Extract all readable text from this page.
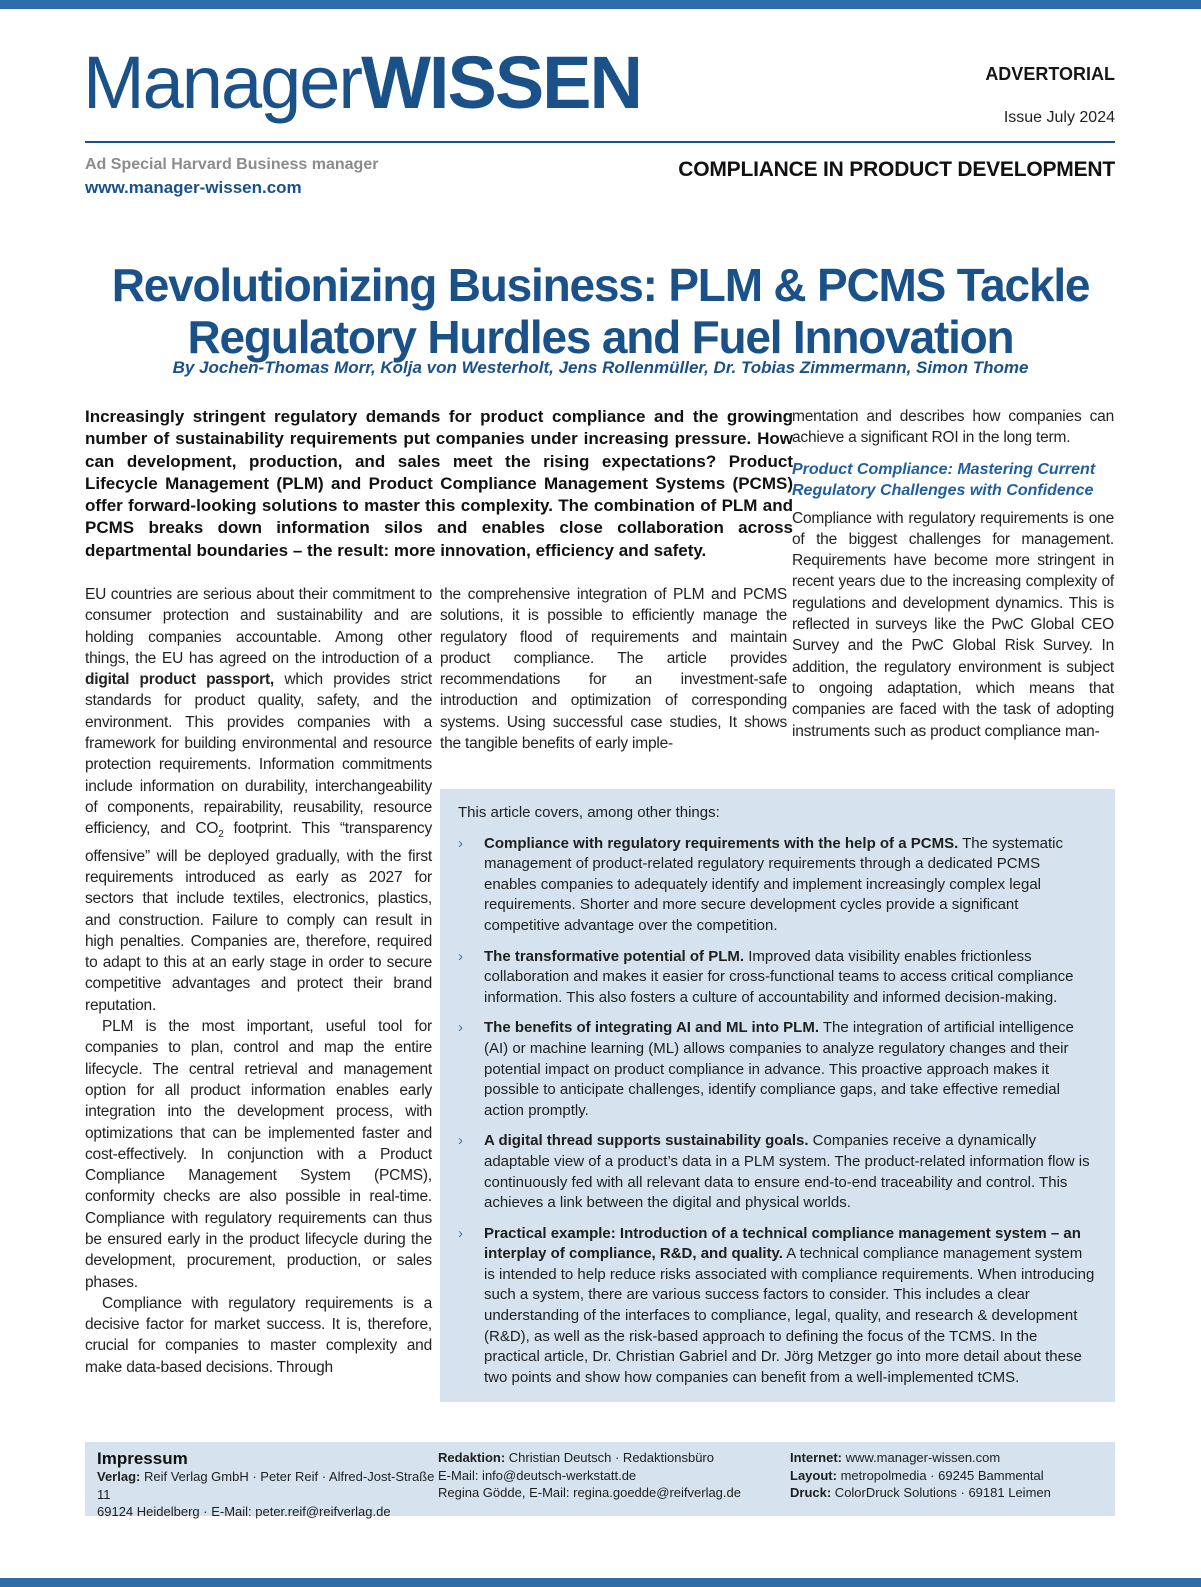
ManagerWISSEN	ADVERTORIAL
Issue July 2024
Ad Special Harvard Business manager
www.manager-wissen.com
COMPLIANCE IN PRODUCT DEVELOPMENT
Revolutionizing Business: PLM & PCMS Tackle
Regulatory Hurdles and Fuel Innovation
By Jochen-Thomas Morr, Kolja von Westerholt, Jens Rollenmüller, Dr. Tobias Zimmermann, Simon Thome

Increasingly stringent regulatory demands for product compliance and the growing number of sustainability requirements put companies under increasing pressure. How can development, production, and sales meet the rising expectations? Product Lifecycle Management (PLM) and Product Compliance Management Systems (PCMS) offer forward-looking solutions to master this complexity. The combination of PLM and PCMS breaks down information silos and enables close collaboration across departmental boundaries – the result: more innovation, efficiency and safety.

EU countries are serious about their commitment to consumer protection and sustainability and are holding companies accountable. Among other things, the EU has agreed on the introduction of a digital product passport, which provides strict standards for product quality, safety, and the environment. This provides companies with a framework for building environmental and resource protection requirements. Information commitments include information on durability, interchangeability of components, repairability, reusability, resource efficiency, and $CO_2$ footprint. This “transparency offensive” will be deployed gradually, with the first requirements introduced as early as 2027 for sectors that include textiles, electronics, plastics, and construction. Failure to comply can result in high penalties. Companies are, therefore, required to adapt to this at an early stage in order to secure competitive advantages and protect their brand reputation.

PLM is the most important, useful tool for companies to plan, control and map the entire lifecycle. The central retrieval and management option for all product information enables early integration into the development process, with optimizations that can be implemented faster and cost-effectively. In conjunction with a Product Compliance Management System (PCMS), conformity checks are also possible in real-time. Compliance with regulatory requirements can thus be ensured early in the product lifecycle during the development, procurement, production, or sales phases.

Compliance with regulatory requirements is a decisive factor for market success. It is, therefore, crucial for companies to master complexity and make data-based decisions. Through

the comprehensive integration of PLM and PCMS solutions, it is possible to efficiently manage the regulatory flood of requirements and maintain product compliance. The article provides recommendations for an investment-safe introduction and optimization of corresponding systems. Using successful case studies, It shows the tangible benefits of early imple-

mentation and describes how companies can achieve a significant ROI in the long term.

Product Compliance: Mastering Current Regulatory Challenges with Confidence

Compliance with regulatory requirements is one of the biggest challenges for management. Requirements have become more stringent in recent years due to the increasing complexity of regulations and development dynamics. This is reflected in surveys like the PwC Global CEO Survey and the PwC Global Risk Survey. In addition, the regulatory environment is subject to ongoing adaptation, which means that companies are faced with the task of adopting instruments such as product compliance man-

This article covers, among other things:

›	Compliance with regulatory requirements with the help of a PCMS. The systematic management of product-related regulatory requirements through a dedicated PCMS enables companies to adequately identify and implement increasingly complex legal requirements. Shorter and more secure development cycles provide a significant competitive advantage over the competition.
›	The transformative potential of PLM. Improved data visibility enables frictionless collaboration and makes it easier for cross-functional teams to access critical compliance information. This also fosters a culture of accountability and informed decision-making.
›	The benefits of integrating AI and ML into PLM. The integration of artificial intelligence (AI) or machine learning (ML) allows companies to analyze regulatory changes and their potential impact on product compliance in advance. This proactive approach makes it possible to anticipate challenges, identify compliance gaps, and take effective remedial action promptly.
›	A digital thread supports sustainability goals. Companies receive a dynamically adaptable view of a product’s data in a PLM system. The product-related information flow is continuously fed with all relevant data to ensure end-to-end traceability and control. This achieves a link between the digital and physical worlds.
›	Practical example: Introduction of a technical compliance management system – an interplay of compliance, R&D, and quality. A technical compliance management system is intended to help reduce risks associated with compliance requirements. When introducing such a system, there are various success factors to consider. This includes a clear understanding of the interfaces to compliance, legal, quality, and research & development (R&D), as well as the risk-based approach to defining the focus of the TCMS. In the practical article, Dr. Christian Gabriel and Dr. Jörg Metzger go into more detail about these two points and show how companies can benefit from a well-implemented tCMS.

Impressum

Verlag: Reif Verlag GmbH · Peter Reif · Alfred-Jost-Straße 11

69124 Heidelberg · E-Mail: peter.reif@reifverlag.de

Redaktion: Christian Deutsch · Redaktionsbüro

E-Mail: info@deutsch-werkstatt.de

Regina Gödde, E-Mail: regina.goedde@reifverlag.de

Internet: www.manager-wissen.com

Layout: metropolmedia · 69245 Bammental

Druck: ColorDruck Solutions · 69181 Leimen
